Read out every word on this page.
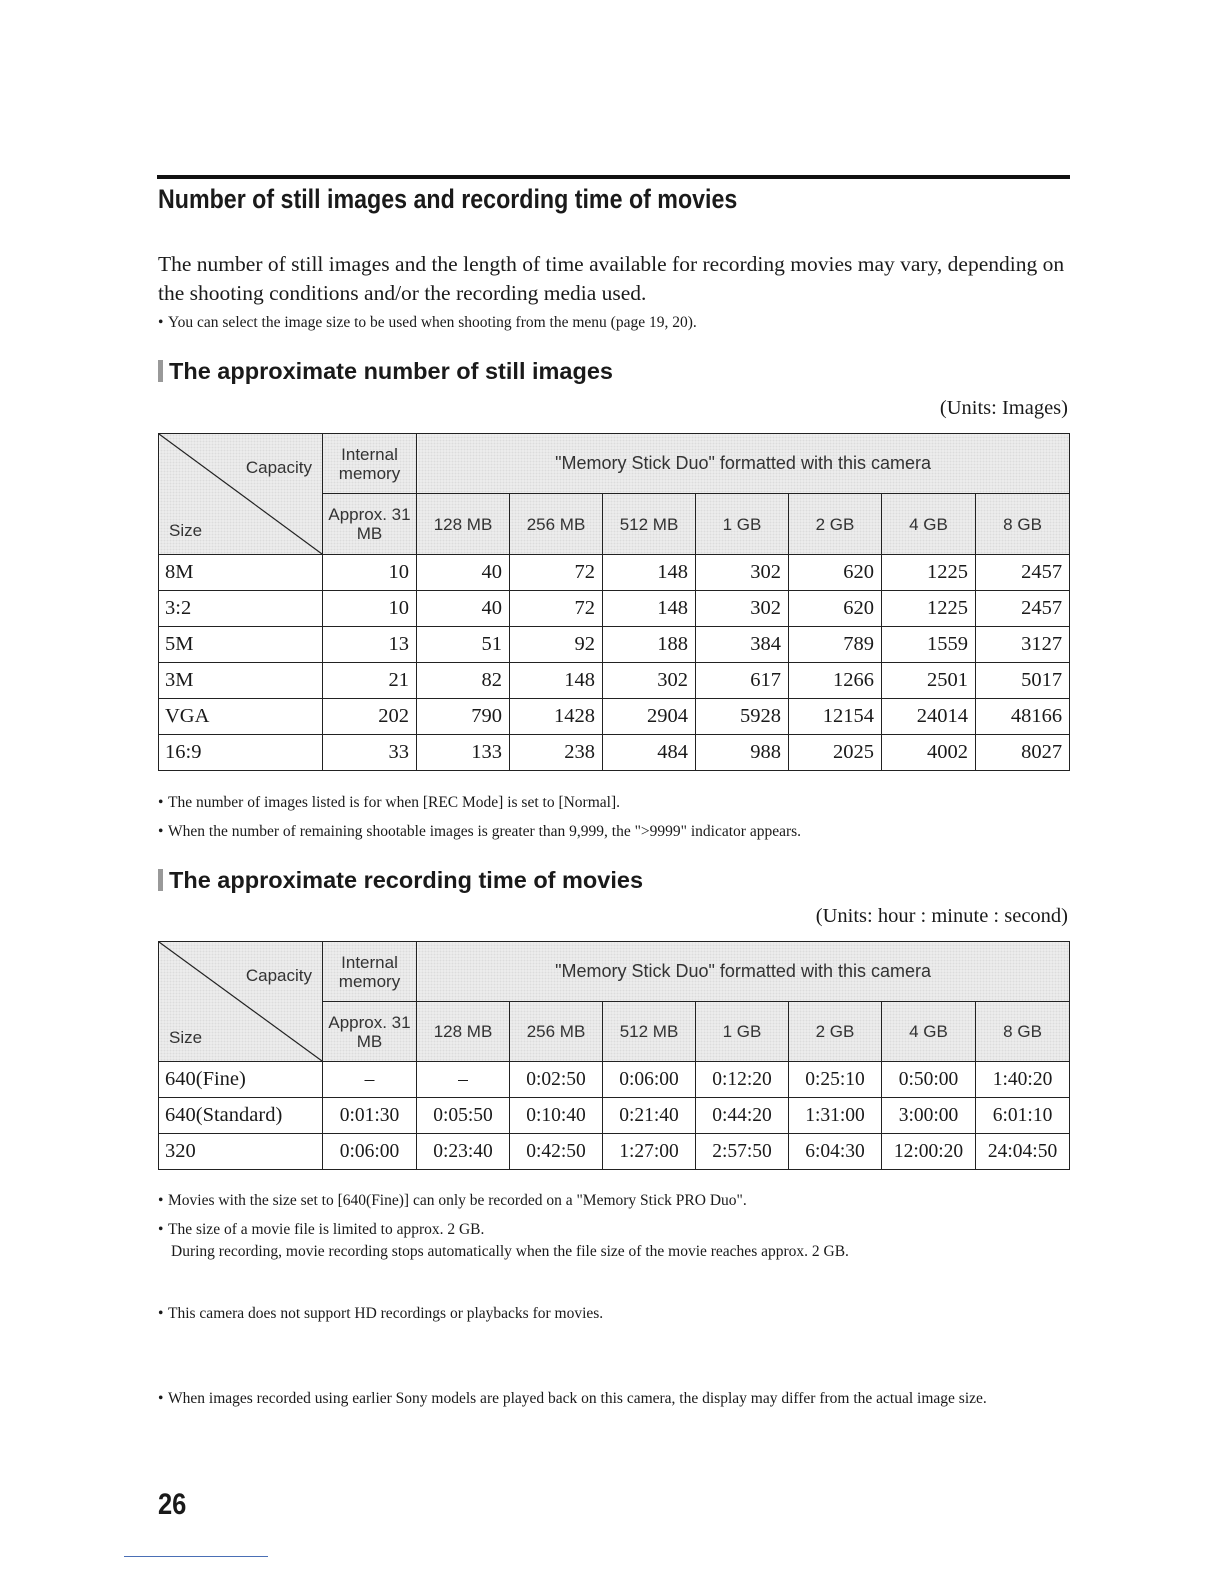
Number of still images and recording time of movies

The number of still images and the length of time available for recording movies may vary, depending on the shooting conditions and/or the recording media used.

• You can select the image size to be used when shooting from the menu (page 19, 20).

The approximate number of still images

(Units: Images)

Capacity
Size	Internal memory	"Memory Stick Duo" formatted with this camera						
	Approx. 31 MB	128 MB	256 MB	512 MB	1 GB	2 GB	4 GB	8 GB
8M	10	40	72	148	302	620	1225	2457
3:2	10	40	72	148	302	620	1225	2457
5M	13	51	92	188	384	789	1559	3127
3M	21	82	148	302	617	1266	2501	5017
VGA	202	790	1428	2904	5928	12154	24014	48166
16:9	33	133	238	484	988	2025	4002	8027

• The number of images listed is for when [REC Mode] is set to [Normal].

• When the number of remaining shootable images is greater than 9,999, the ">9999" indicator appears.

The approximate recording time of movies

(Units: hour : minute : second)

Capacity
Size	Internal memory	"Memory Stick Duo" formatted with this camera						
	Approx. 31 MB	128 MB	256 MB	512 MB	1 GB	2 GB	4 GB	8 GB
640(Fine)	–	–	0:02:50	0:06:00	0:12:20	0:25:10	0:50:00	1:40:20
640(Standard)	0:01:30	0:05:50	0:10:40	0:21:40	0:44:20	1:31:00	3:00:00	6:01:10
320	0:06:00	0:23:40	0:42:50	1:27:00	2:57:50	6:04:30	12:00:20	24:04:50

• Movies with the size set to [640(Fine)] can only be recorded on a "Memory Stick PRO Duo".

• The size of a movie file is limited to approx. 2 GB.
During recording, movie recording stops automatically when the file size of the movie reaches approx. 2 GB.

• This camera does not support HD recordings or playbacks for movies.

• When images recorded using earlier Sony models are played back on this camera, the display may differ from the actual image size.

26
